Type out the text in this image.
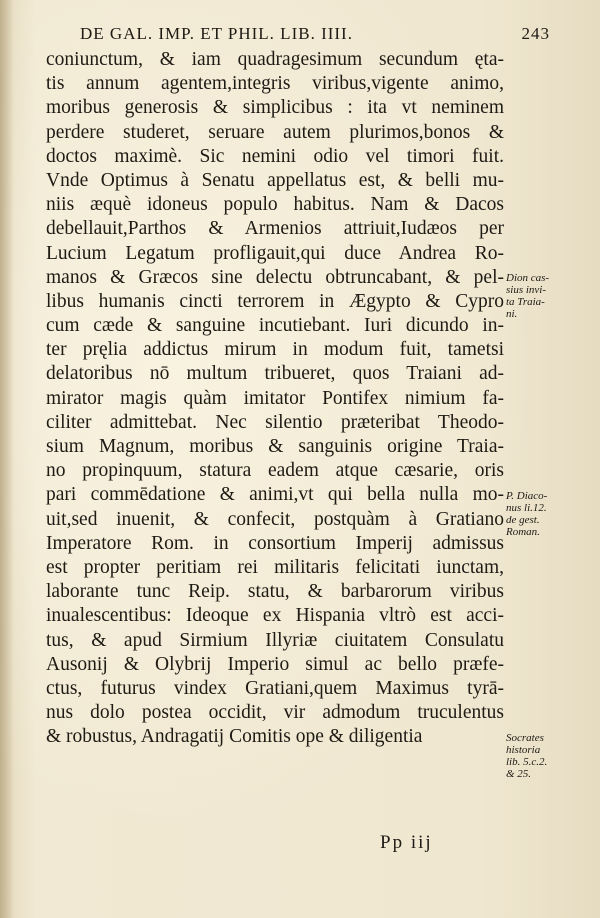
DE GAL. IMP. ET PHIL. LIB. IIII.	243
coniunctum, & iam quadragesimum secundum ęta-
tis annum agentem,integris viribus,vigente animo,
moribus generosis & simplicibus : ita vt neminem
perdere studeret, seruare autem plurimos,bonos &
doctos maximè. Sic nemini odio vel timori fuit.
Vnde Optimus à Senatu appellatus est, & belli mu-
niis æquè idoneus populo habitus. Nam & Dacos
debellauit,Parthos & Armenios attriuit,Iudæos per
Lucium Legatum profligauit,qui duce Andrea Ro-
manos & Græcos sine delectu obtruncabant, & pel-
libus humanis cincti terrorem in Ægypto & Cypro
cum cæde & sanguine incutiebant. Iuri dicundo in-
ter pręlia addictus mirum in modum fuit, tametsi
delatoribus nō multum tribueret, quos Traiani ad-
mirator magis quàm imitator Pontifex nimium fa-
ciliter admittebat. Nec silentio præteribat Theodo-
sium Magnum, moribus & sanguinis origine Traia-
no propinquum, statura eadem atque cæsarie, oris
pari commēdatione & animi,vt qui bella nulla mo-
uit,sed inuenit, & confecit, postquàm à Gratiano
Imperatore Rom. in consortium Imperij admissus
est propter peritiam rei militaris felicitati iunctam,
laborante tunc Reip. statu, & barbarorum viribus
inualescentibus: Ideoque ex Hispania vltrò est acci-
tus, & apud Sirmium Illyriæ ciuitatem Consulatu
Ausonij & Olybrij Imperio simul ac bello præfe-
ctus, futurus vindex Gratiani,quem Maximus tyrā-
nus dolo postea occidit, vir admodum truculentus
& robustus, Andragatij Comitis ope & diligentia
Dion cas-
sius invi-
ta Traia-
ni.
P. Diaco-
nus li.12.
de gest.
Roman.
Socrates
historia
lib. 5.c.2.
& 25.
Pp iij
